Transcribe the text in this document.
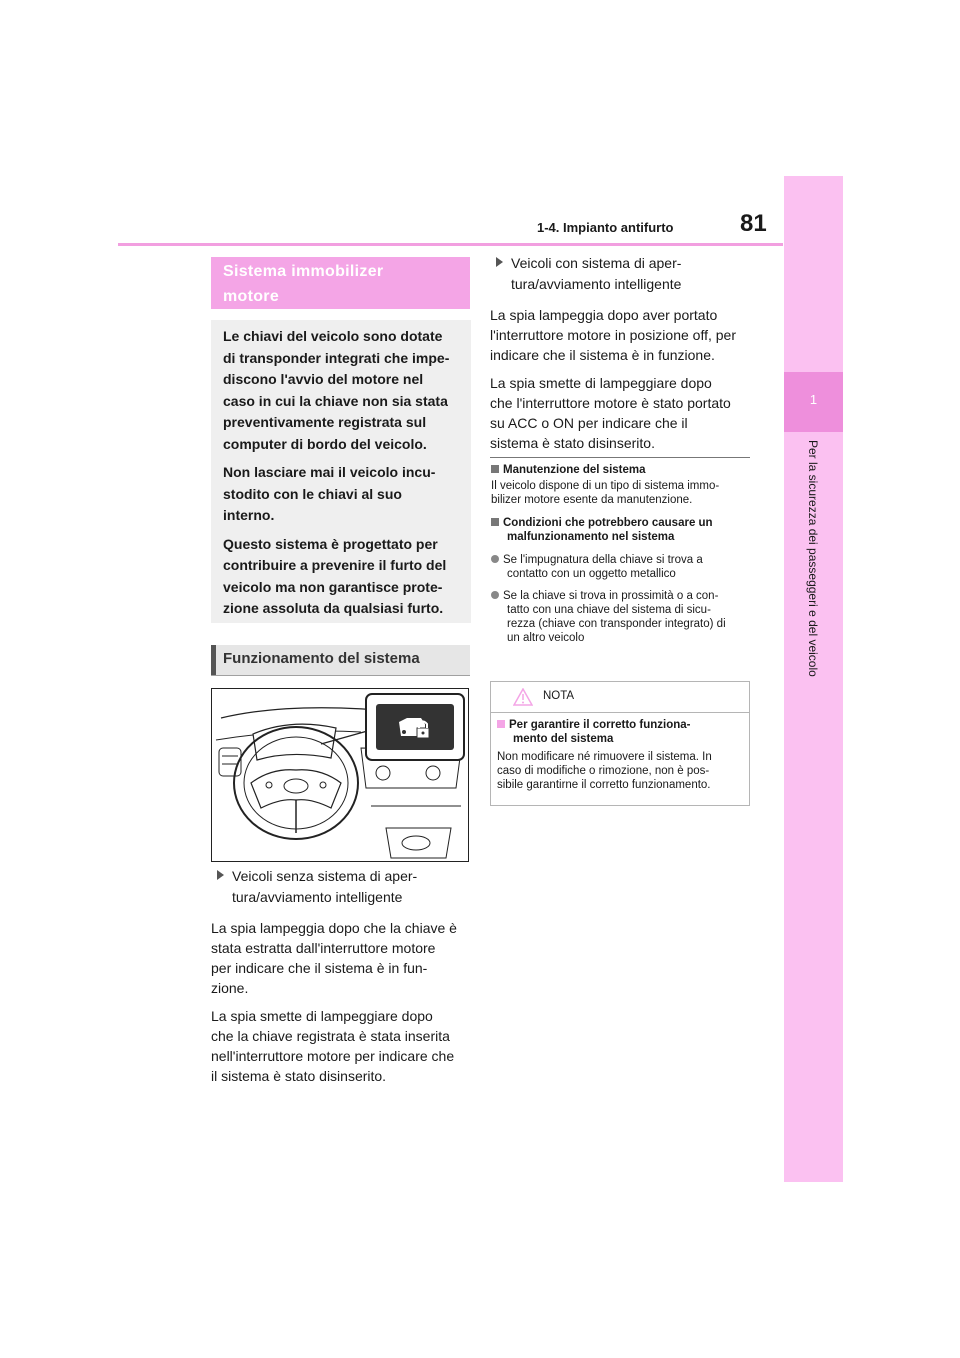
1-4. Impianto antifurto	81
1
Per la sicurezza dei passeggeri e del veicolo
Sistema immobilizer
motore

Le chiavi del veicolo sono dotate
di transponder integrati che impe-
discono l'avvio del motore nel
caso in cui la chiave non sia stata
preventivamente registrata sul
computer di bordo del veicolo.

Non lasciare mai il veicolo incu-
stodito con le chiavi al suo
interno.

Questo sistema è progettato per
contribuire a prevenire il furto del
veicolo ma non garantisce prote-
zione assoluta da qualsiasi furto.

Funzionamento del sistema
Veicoli senza sistema di aper-
tura/avviamento intelligente

La spia lampeggia dopo che la chiave è
stata estratta dall'interruttore motore
per indicare che il sistema è in fun-
zione.

La spia smette di lampeggiare dopo
che la chiave registrata è stata inserita
nell'interruttore motore per indicare che
il sistema è stato disinserito.

Veicoli con sistema di aper-
tura/avviamento intelligente

La spia lampeggia dopo aver portato
l'interruttore motore in posizione off, per
indicare che il sistema è in funzione.

La spia smette di lampeggiare dopo
che l'interruttore motore è stato portato
su ACC o ON per indicare che il
sistema è stato disinserito.

Manutenzione del sistema
Il veicolo dispone di un tipo di sistema immo-
bilizer motore esente da manutenzione.
Condizioni che potrebbero causare un
malfunzionamento nel sistema
Se l'impugnatura della chiave si trova a
contatto con un oggetto metallico
Se la chiave si trova in prossimità o a con-
tatto con una chiave del sistema di sicu-
rezza (chiave con transponder integrato) di
un altro veicolo
NOTA
Per garantire il corretto funziona-
mento del sistema
Non modificare né rimuovere il sistema. In
caso di modifiche o rimozione, non è pos-
sibile garantirne il corretto funzionamento.
